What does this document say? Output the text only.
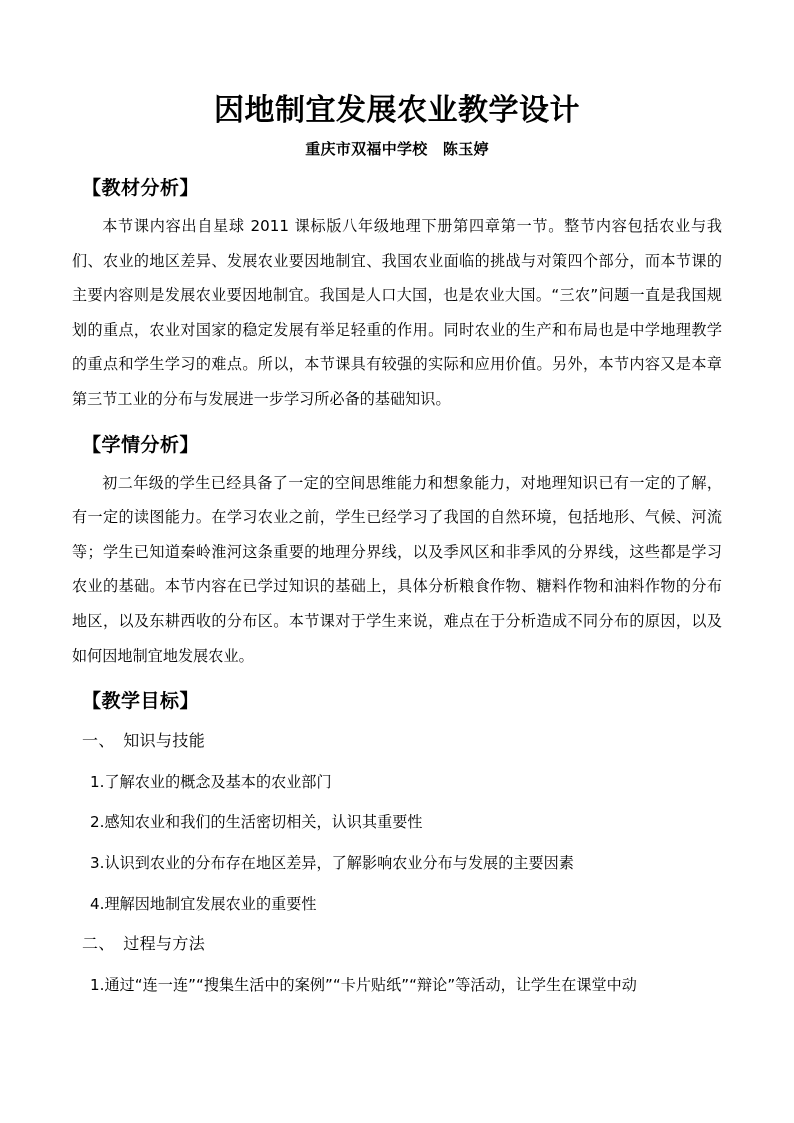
因地制宜发展农业教学设计
重庆市双福中学校　陈玉婷
【教材分析】

本节课内容出自星球 2011 课标版八年级地理下册第四章第一节。整节内容包括农业与我们、农业的地区差异、发展农业要因地制宜、我国农业面临的挑战与对策四个部分，而本节课的主要内容则是发展农业要因地制宜。我国是人口大国，也是农业大国。“三农”问题一直是我国规划的重点，农业对国家的稳定发展有举足轻重的作用。同时农业的生产和布局也是中学地理教学的重点和学生学习的难点。所以，本节课具有较强的实际和应用价值。另外，本节内容又是本章第三节工业的分布与发展进一步学习所必备的基础知识。

【学情分析】

初二年级的学生已经具备了一定的空间思维能力和想象能力，对地理知识已有一定的了解，有一定的读图能力。在学习农业之前，学生已经学习了我国的自然环境，包括地形、气候、河流等；学生已知道秦岭淮河这条重要的地理分界线，以及季风区和非季风的分界线，这些都是学习农业的基础。本节内容在已学过知识的基础上，具体分析粮食作物、糖料作物和油料作物的分布地区，以及东耕西收的分布区。本节课对于学生来说，难点在于分析造成不同分布的原因，以及如何因地制宜地发展农业。

【教学目标】
一、　知识与技能
1.了解农业的概念及基本的农业部门
2.感知农业和我们的生活密切相关，认识其重要性
3.认识到农业的分布存在地区差异，了解影响农业分布与发展的主要因素
4.理解因地制宜发展农业的重要性
二、　过程与方法
1.通过“连一连”“搜集生活中的案例”“卡片贴纸”“辩论”等活动，让学生在课堂中动
